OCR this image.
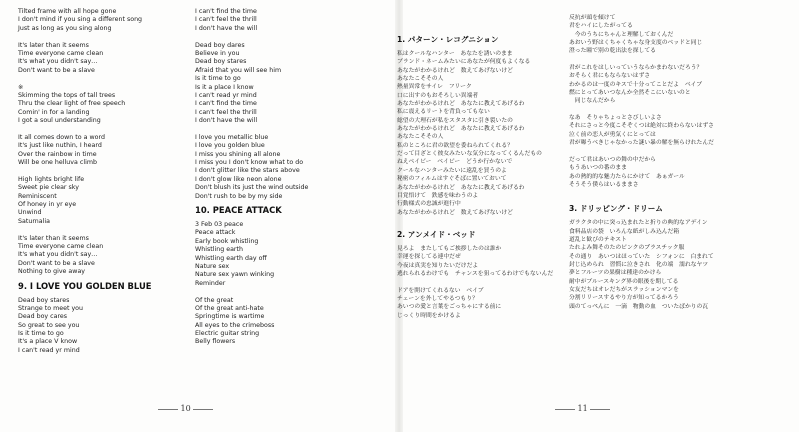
Tilted frame with all hope gone
I don't mind if you sing a different song
Just as long as you sing along
It's later than it seems
Time everyone came clean
It's what you didn't say…
Don't want to be a slave
※
Skimming the tops of tall trees
Thru the clear light of free speech
Comin' in for a landing
I got a soul understanding
It all comes down to a word
It's just like nuthin, I heard
Over the rainbow in time
Will be one helluva climb
High lights bright life
Sweet pie clear sky
Reminiscent
Of honey in yr eye
Unwind
Saturnalia
It's later than it seems
Time everyone came clean
It's what you didn't say…
Don't want to be a slave
Nothing to give away
9. I LOVE YOU GOLDEN BLUE
Dead boy stares
Strange to meet you
Dead boy cares
So great to see you
Is it time to go
It's a place V know
I can't read yr mind
I can't find the time
I can't feel the thrill
I don't have the will
Dead boy dares
Believe in you
Dead boy stares
Afraid that you will see him
Is it time to go
Is it a place I know
I can't read yr mind
I can't find the time
I can't feel the thrill
I don't have the will
I love you metallic blue
I love you golden blue
I miss you shining all alone
I miss you I don't know what to do
I don't glitter like the stars above
I don't glow like neon alone
Don't blush its just the wind outside
Don't rush to be by my side
10. PEACE ATTACK
3 Feb 03 peace
Peace attack
Early book whistling
Whistling earth
Whistling earth day off
Nature sex
Nature sex yawn winking
Reminder
Of the great
Of the great anti-hate
Springtime is wartime
All eyes to the crimeboss
Electric guitar string
Belly flowers
1. パターン・レコグニション
私はクールなハンター　あなたを誘いのまま
ブランド・ネームみたいにあなたが何度もよくなる
あなたがわかるけれど　数えてあげないけど
あなたこそその人
熱量異常をサイレ　フリーク
口に出すのもおそろしい異端者
あなたがわかるけれど　あなたに教えてあげるわ
私に震えるリートを背負ってもない
総望の大理石が私をスタスタに引き裂いたの
あなたがわかるけれど　あなたに教えてあげるわ
あなたこそその人
私のところに君の欲望を委ねられてくれる？
だって目ざとく彼女みたいな気分になってくるんだもの
ねえベイビー　ベイビー　どうか行かないで
クールなハンターみたいに遠乱を買うのよ
秘密のフィルムはすぐそばに置いておいて
あなたがわかるけれど　あなたに教えてあげるわ
目覚悟けて　鉄感を味わうのよ
行動様式の忠誠が進行中
あなたがわかるけれど　数えてあげないけど
2. アンメイド・ベッド
見ろよ　またしてもご挨拶したのは誰か
幸運を探してる連中だぜ
今夜は真実を知りたいだけだよ
逃れられるわけでも　チャンスを狙ってるわけでもないんだ
ドアを開けてくれるない　ベイブ
チェーンを外してやるつもり？
あいつの愛と言葉をごっちゃにする前に
じっくり時間をかけるよ
反抗が頭を傾けて
君をハイにしたがってる
　今のうちにちゃんと理解しておくんだ
あおいう野はくちゃくちゃな身支度のベッドと同じ
澄った瞳で別の乾出法を探してる
君がこれをはしいっていうならかまわないだろう？
おそらく君にもならないはずさ
わかるのは一度のキスで十分ってことだよ　ベイブ
燃にとってあいつなんか全然そこにいないのと
　同じなんだから
なあ　そりゃちょっとさびしいよさ
それにさっと今度こそぞくつは絶対に終わらないはずさ
泣く前の恋人が勇気くにとっては
君が曝うべきじゃなかった謎い暴の解を無らけれたんだ
だって君はあいつの舞の中だから
もうあいつの番のまま
あの熱的的な魅力たらにかけて　あぁガール
そうそう僕らはいるままさ
3. ドリッピング・ドリーム
ガラクタの中に突っ込まれたと折りの典的なアデイン
食料品店の袋　いろんな紙がしみ込んだ箱
道乱と歓びのテキスト
たれよみ舞そのたのピンクのプラスチック服
その通り　あいつはほっていた　シフォンに　白まれて
封じ込められ　習慣に泣きされ　化の端　濡れなヤツ
夢とフルーツの果樹は種達のかけら
耐中がブルースキング界の眼後を期してる
女友だちはオレだちがスラッションマンを
分割リリースするやり方が知ってるかろう
頭のてっぺんに　一滴　物動の血　ついたばかりの瓦
10	11
